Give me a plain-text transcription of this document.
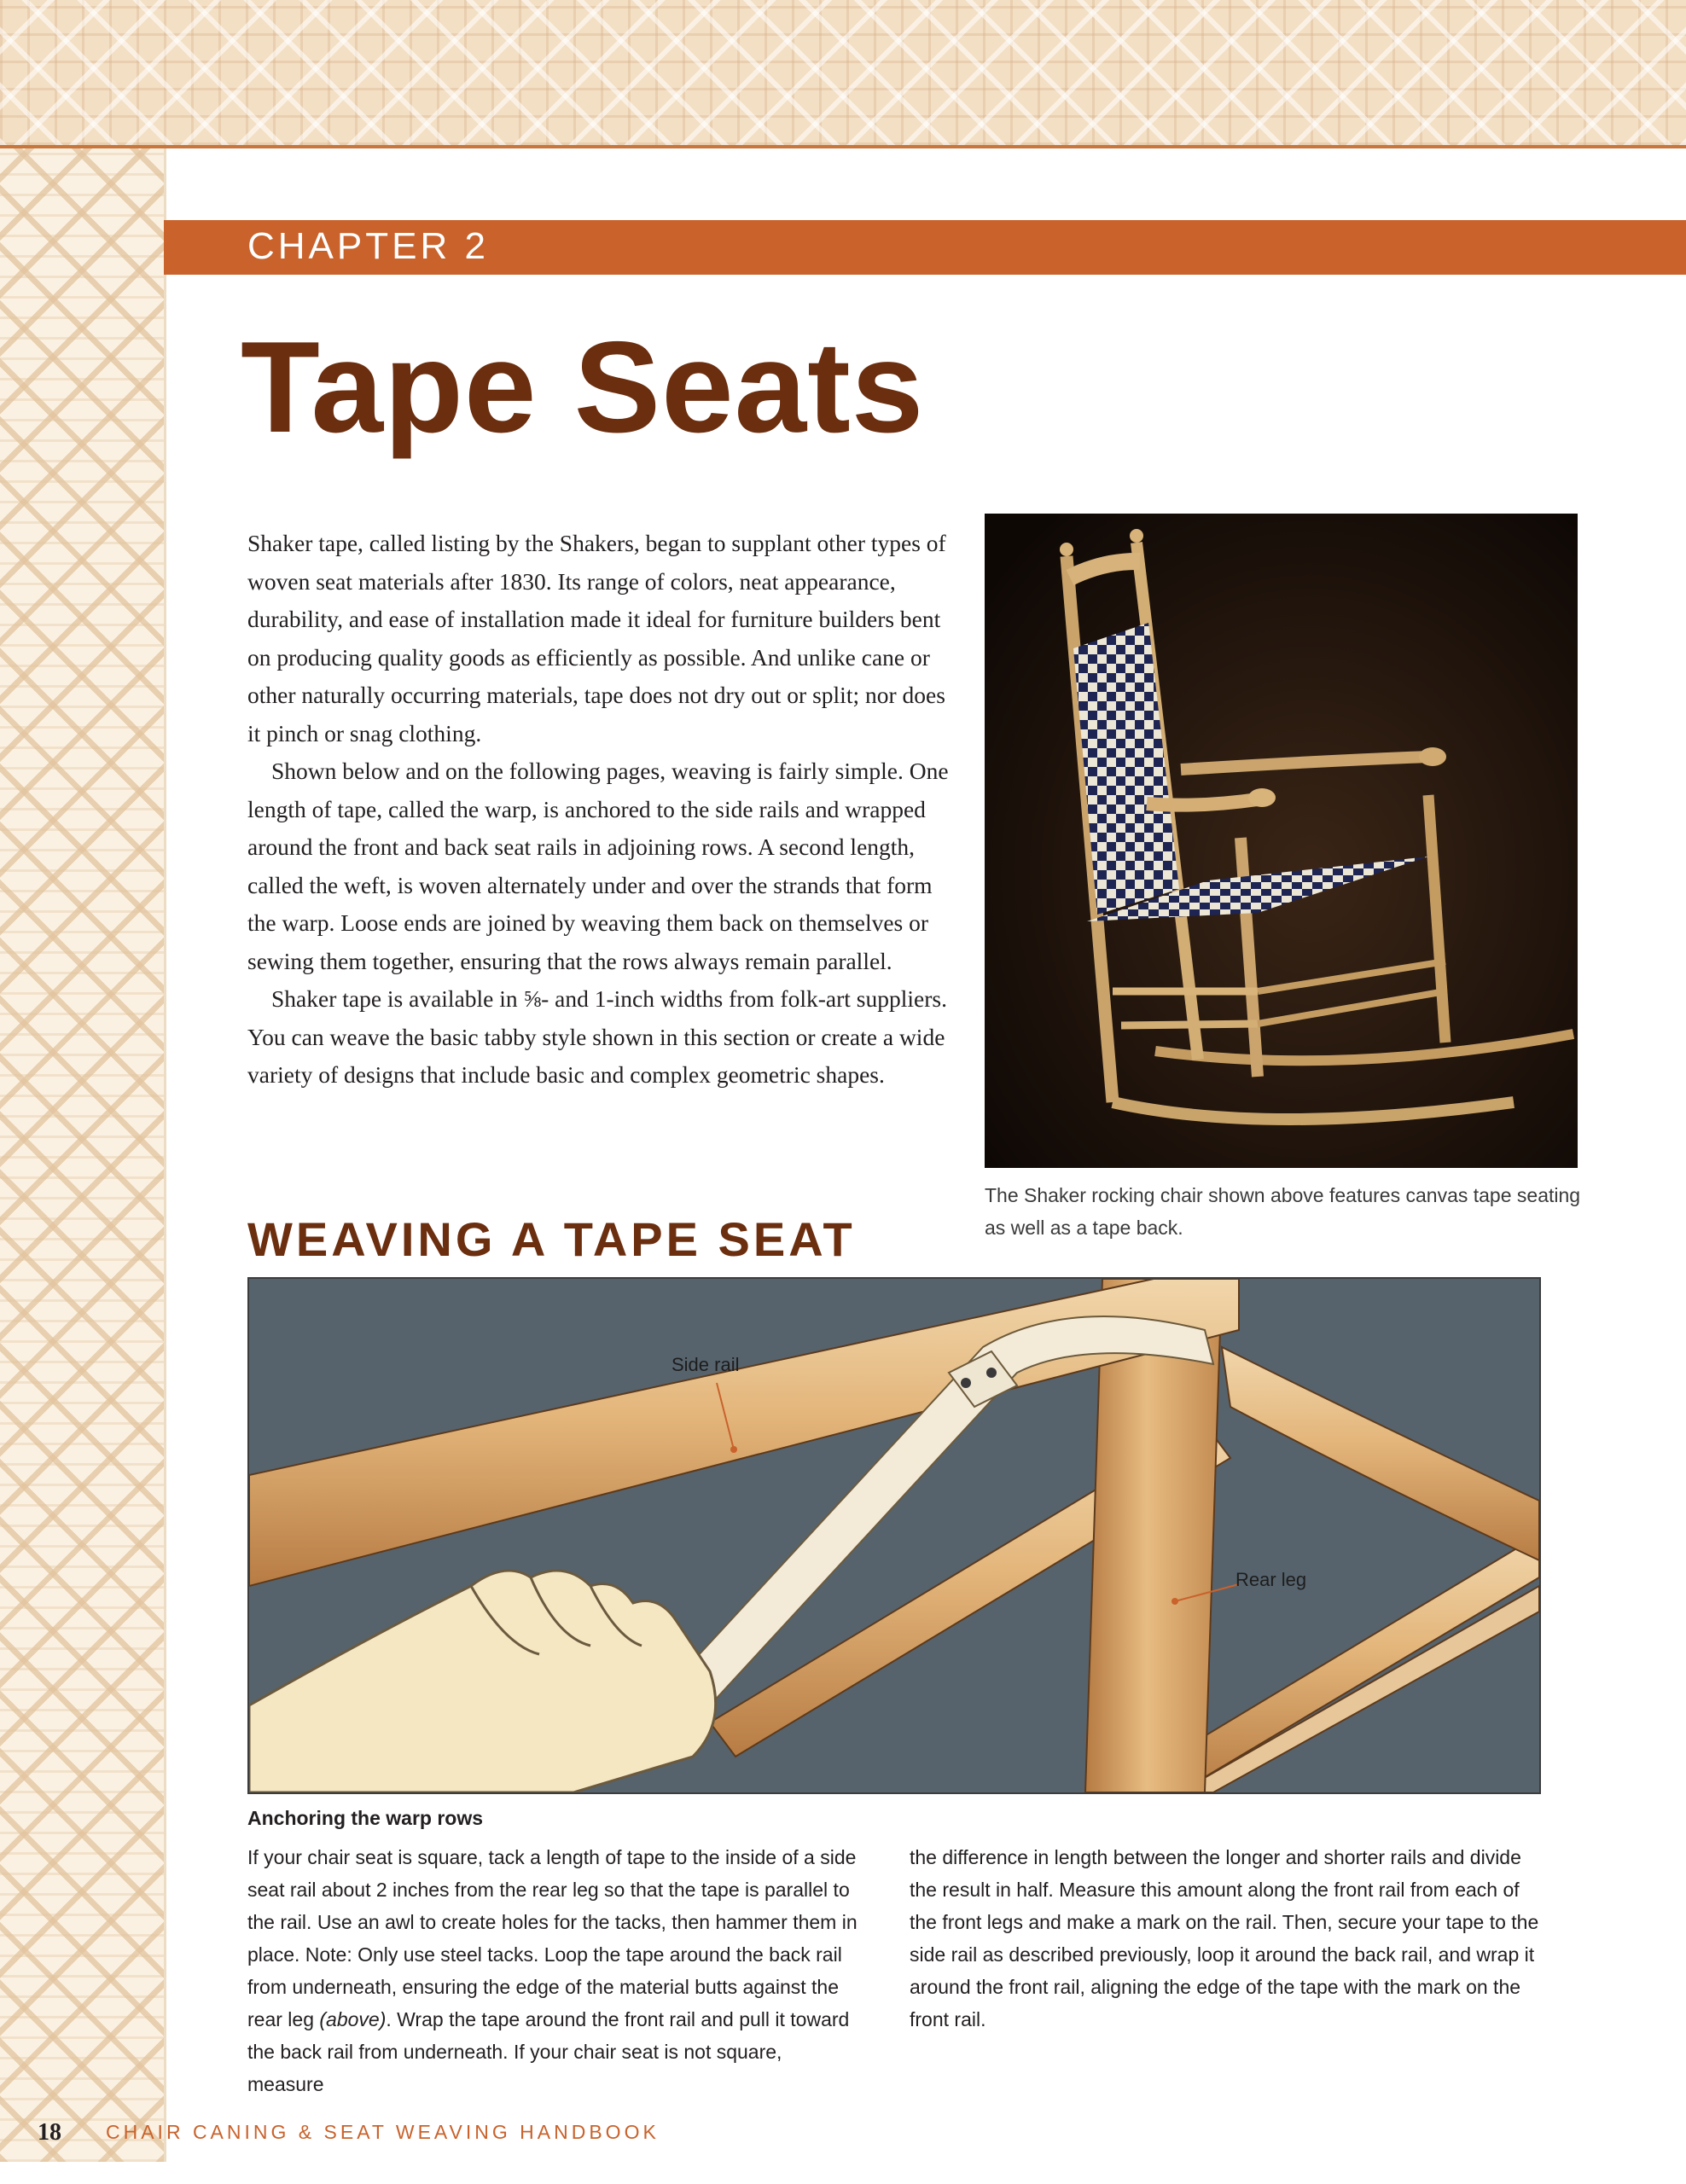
CHAPTER 2
Tape Seats

Shaker tape, called listing by the Shakers, began to supplant other types of woven seat materials after 1830. Its range of colors, neat appearance, durability, and ease of installation made it ideal for furniture builders bent on producing quality goods as efficiently as possible. And unlike cane or other naturally occurring materials, tape does not dry out or split; nor does it pinch or snag clothing.

Shown below and on the following pages, weaving is fairly simple. One length of tape, called the warp, is anchored to the side rails and wrapped around the front and back seat rails in adjoining rows. A second length, called the weft, is woven alternately under and over the strands that form the warp. Loose ends are joined by weaving them back on themselves or sewing them together, ensuring that the rows always remain parallel.

Shaker tape is available in ⅝- and 1-inch widths from folk-art suppliers. You can weave the basic tabby style shown in this section or create a wide variety of designs that include basic and complex geometric shapes.

The Shaker rocking chair shown above features canvas tape seating as well as a tape back.
WEAVING A TAPE SEAT
Side rail
Rear leg
Anchoring the warp rows
If your chair seat is square, tack a length of tape to the inside of a side seat rail about 2 inches from the rear leg so that the tape is parallel to the rail. Use an awl to create holes for the tacks, then hammer them in place. Note: Only use steel tacks. Loop the tape around the back rail from underneath, ensuring the edge of the material butts against the rear leg (above). Wrap the tape around the front rail and pull it toward the back rail from underneath. If your chair seat is not square, measure
the difference in length between the longer and shorter rails and divide the result in half. Measure this amount along the front rail from each of the front legs and make a mark on the rail. Then, secure your tape to the side rail as described previously, loop it around the back rail, and wrap it around the front rail, aligning the edge of the tape with the mark on the front rail.
18 CHAIR CANING & SEAT WEAVING HANDBOOK
